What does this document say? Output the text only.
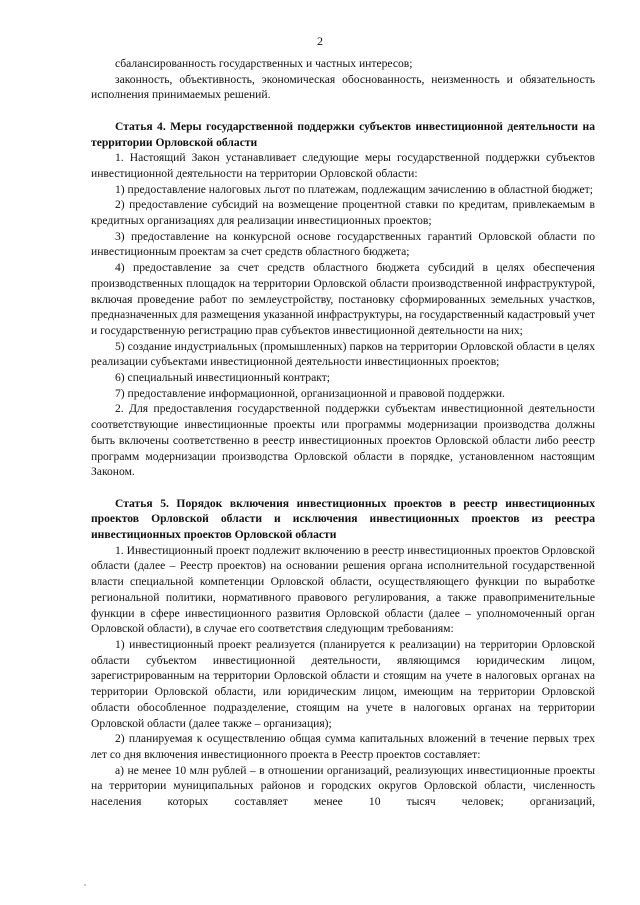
2

сбалансированность государственных и частных интересов;

законность, объективность, экономическая обоснованность, неизменность и обязательность исполнения принимаемых решений.

Статья 4. Меры государственной поддержки субъектов инвестиционной деятельности на территории Орловской области

1. Настоящий Закон устанавливает следующие меры государственной поддержки субъектов инвестиционной деятельности на территории Орловской области:

1) предоставление налоговых льгот по платежам, подлежащим зачислению в областной бюджет;

2) предоставление субсидий на возмещение процентной ставки по кредитам, привлекаемым в кредитных организациях для реализации инвестиционных проектов;

3) предоставление на конкурсной основе государственных гарантий Орловской области по инвестиционным проектам за счет средств областного бюджета;

4) предоставление за счет средств областного бюджета субсидий в целях обеспечения производственных площадок на территории Орловской области производственной инфраструктурой, включая проведение работ по землеустройству, постановку сформированных земельных участков, предназначенных для размещения указанной инфраструктуры, на государственный кадастровый учет и государственную регистрацию прав субъектов инвестиционной деятельности на них;

5) создание индустриальных (промышленных) парков на территории Орловской области в целях реализации субъектами инвестиционной деятельности инвестиционных проектов;

6) специальный инвестиционный контракт;

7) предоставление информационной, организационной и правовой поддержки.

2. Для предоставления государственной поддержки субъектам инвестиционной деятельности соответствующие инвестиционные проекты или программы модернизации производства должны быть включены соответственно в реестр инвестиционных проектов Орловской области либо реестр программ модернизации производства Орловской области в порядке, установленном настоящим Законом.

Статья 5. Порядок включения инвестиционных проектов в реестр инвестиционных проектов Орловской области и исключения инвестиционных проектов из реестра инвестиционных проектов Орловской области

1. Инвестиционный проект подлежит включению в реестр инвестиционных проектов Орловской области (далее – Реестр проектов) на основании решения органа исполнительной государственной власти специальной компетенции Орловской области, осуществляющего функции по выработке региональной политики, нормативного правового регулирования, а также правоприменительные функции в сфере инвестиционного развития Орловской области (далее – уполномоченный орган Орловской области), в случае его соответствия следующим требованиям:

1) инвестиционный проект реализуется (планируется к реализации) на территории Орловской области субъектом инвестиционной деятельности, являющимся юридическим лицом, зарегистрированным на территории Орловской области и стоящим на учете в налоговых органах на территории Орловской области, или юридическим лицом, имеющим на территории Орловской области обособленное подразделение, стоящим на учете в налоговых органах на территории Орловской области (далее также – организация);

2) планируемая к осуществлению общая сумма капитальных вложений в течение первых трех лет со дня включения инвестиционного проекта в Реестр проектов составляет:

а) не менее 10 млн рублей – в отношении организаций, реализующих инвестиционные проекты на территории муниципальных районов и городских округов Орловской области, численность населения которых составляет менее 10 тысяч человек; организаций,
